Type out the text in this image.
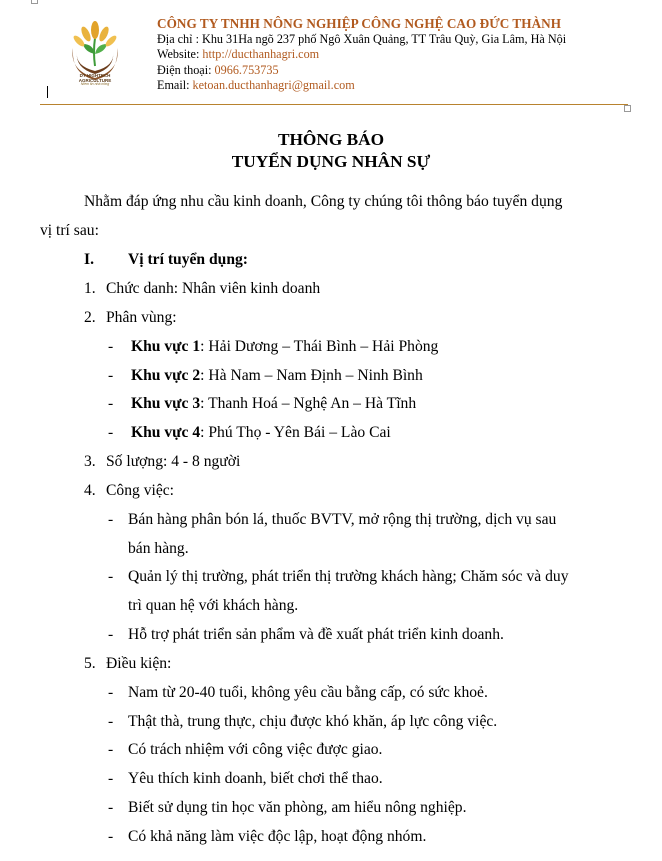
DT HIGHTECH AGRICULTURE
Niềm tin nhà nông
CÔNG TY TNHH NÔNG NGHIỆP CÔNG NGHỆ CAO ĐỨC THÀNH
Địa chỉ : Khu 31Ha ngõ 237 phố Ngô Xuân Quảng, TT Trâu Quỳ, Gia Lâm, Hà Nội
Website: http://ducthanhagri.com
Điện thoại: 0966.753735
Email: ketoan.ducthanhagri@gmail.com
THÔNG BÁO
TUYỂN DỤNG NHÂN SỰ
Nhằm đáp ứng nhu cầu kinh doanh, Công ty chúng tôi thông báo tuyển dụng
vị trí sau:
I. Vị trí tuyển dụng:
1. Chức danh: Nhân viên kinh doanh
2. Phân vùng:
- Khu vực 1: Hải Dương – Thái Bình – Hải Phòng
- Khu vực 2: Hà Nam – Nam Định – Ninh Bình
- Khu vực 3: Thanh Hoá – Nghệ An – Hà Tĩnh
- Khu vực 4: Phú Thọ - Yên Bái – Lào Cai
3. Số lượng: 4 - 8 người
4. Công việc:
- Bán hàng phân bón lá, thuốc BVTV, mở rộng thị trường, dịch vụ sau
bán hàng.
- Quản lý thị trường, phát triển thị trường khách hàng; Chăm sóc và duy
trì quan hệ với khách hàng.
- Hỗ trợ phát triển sản phẩm và đề xuất phát triển kinh doanh.
5. Điều kiện:
- Nam từ 20-40 tuổi, không yêu cầu bằng cấp, có sức khoẻ.
- Thật thà, trung thực, chịu được khó khăn, áp lực công việc.
- Có trách nhiệm với công việc được giao.
- Yêu thích kinh doanh, biết chơi thể thao.
- Biết sử dụng tin học văn phòng, am hiểu nông nghiệp.
- Có khả năng làm việc độc lập, hoạt động nhóm.
